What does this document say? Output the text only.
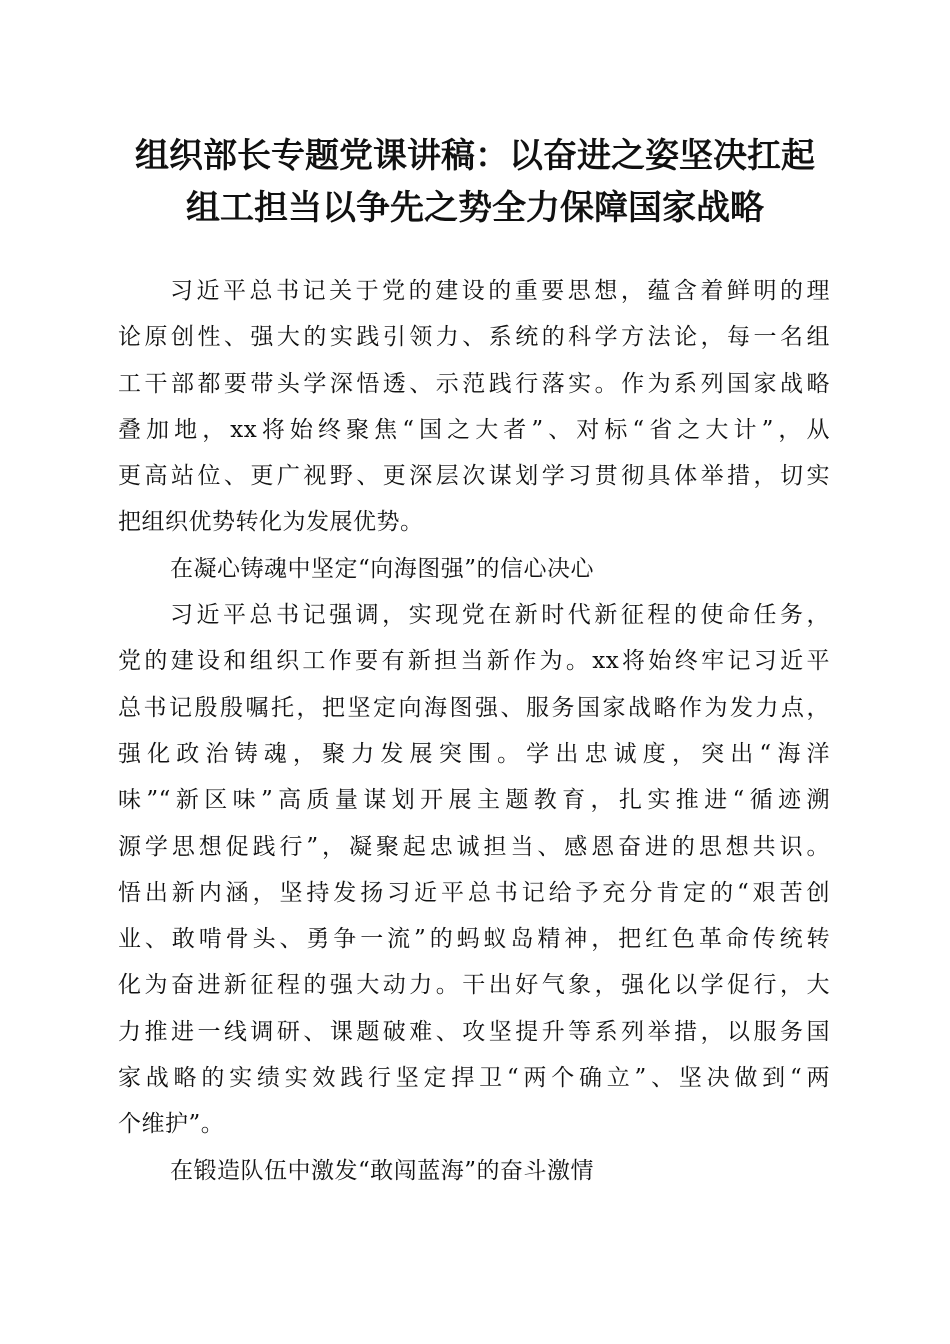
组织部长专题党课讲稿：以奋进之姿坚决扛起
组工担当以争先之势全力保障国家战略
习近平总书记关于党的建设的重要思想，蕴含着鲜明的理
论原创性、强大的实践引领力、系统的科学方法论，每一名组
工干部都要带头学深悟透、示范践行落实。作为系列国家战略
叠加地，xx将始终聚焦“国之大者”、对标“省之大计”，从
更高站位、更广视野、更深层次谋划学习贯彻具体举措，切实
把组织优势转化为发展优势。
在凝心铸魂中坚定“向海图强”的信心决心
习近平总书记强调，实现党在新时代新征程的使命任务，
党的建设和组织工作要有新担当新作为。xx将始终牢记习近平
总书记殷殷嘱托，把坚定向海图强、服务国家战略作为发力点，
强化政治铸魂，聚力发展突围。学出忠诚度，突出“海洋
味”“新区味”高质量谋划开展主题教育，扎实推进“循迹溯
源学思想促践行”，凝聚起忠诚担当、感恩奋进的思想共识。
悟出新内涵，坚持发扬习近平总书记给予充分肯定的“艰苦创
业、敢啃骨头、勇争一流”的蚂蚁岛精神，把红色革命传统转
化为奋进新征程的强大动力。干出好气象，强化以学促行，大
力推进一线调研、课题破难、攻坚提升等系列举措，以服务国
家战略的实绩实效践行坚定捍卫“两个确立”、坚决做到“两
个维护”。
在锻造队伍中激发“敢闯蓝海”的奋斗激情
